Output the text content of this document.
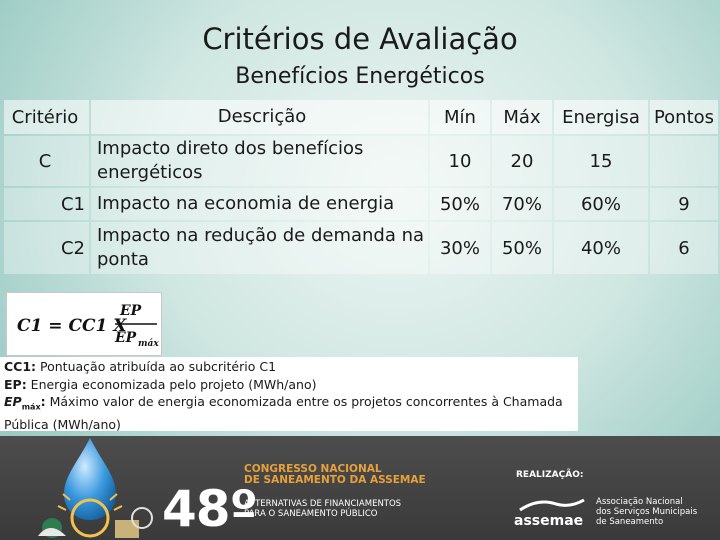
Critérios de Avaliação
Benefícios Energéticos
Critério	Descrição	Mín	Máx	Energisa	Pontos
C	Impacto direto dos benefícios energéticos	10	20	15	
C1	Impacto na economia de energia	50%	70%	60%	9
C2	Impacto na redução de demanda na ponta	30%	50%	40%	6
C1 = CC1 X
EP
EP máx
CC1: Pontuação atribuída ao subcritério C1
EP: Energia economizada pelo projeto (MWh/ano)
$EP_{máx}$: Máximo valor de energia economizada entre os projetos concorrentes à Chamada Pública (MWh/ano)
48º
CONGRESSO NACIONAL
DE SANEAMENTO DA ASSEMAE
A. TERNATIVAS DE FINANCIAMENTOS
PARA O SANEAMENTO PÚBLICO
REALIZAÇÃO:
assemae
Associação Nacional
dos Serviços Municipais
de Saneamento
